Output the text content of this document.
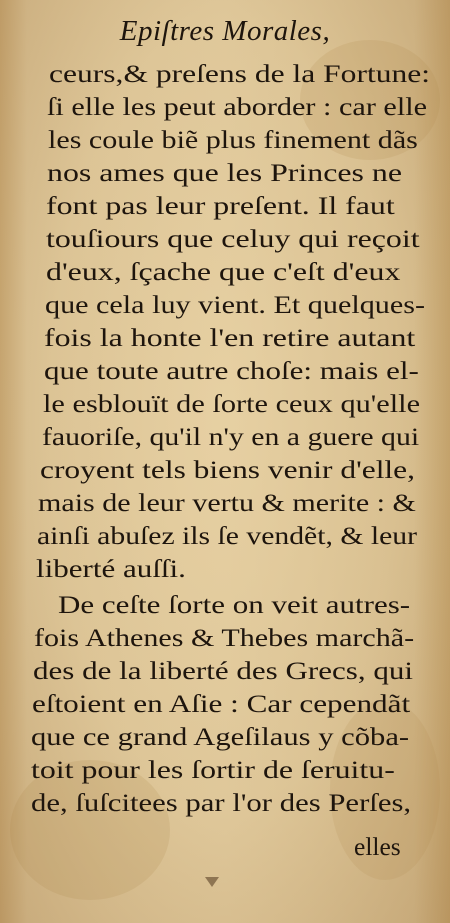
Epiſtres Morales,
ceurs,& preſens de la Fortune:
ſi elle les peut aborder : car elle
les coule biẽ plus finement dãs
nos ames que les Princes ne
font pas leur preſent. Il faut
touſiours que celuy qui reçoit
d'eux, ſçache que c'eſt d'eux
que cela luy vient. Et quelques-
fois la honte l'en retire autant
que toute autre choſe: mais el-
le esblouït de ſorte ceux qu'elle
fauoriſe, qu'il n'y en a guere qui
croyent tels biens venir d'elle,
mais de leur vertu & merite : &
ainſi abuſez ils ſe vendẽt, & leur
liberté auſſi.
De ceſte ſorte on veit autres-
fois Athenes & Thebes marchã-
des de la liberté des Grecs, qui
eſtoient en Aſie : Car cependãt
que ce grand Ageſilaus y cõba-
toit pour les ſortir de ſeruitu-
de, ſuſcitees par l'or des Perſes,
elles
